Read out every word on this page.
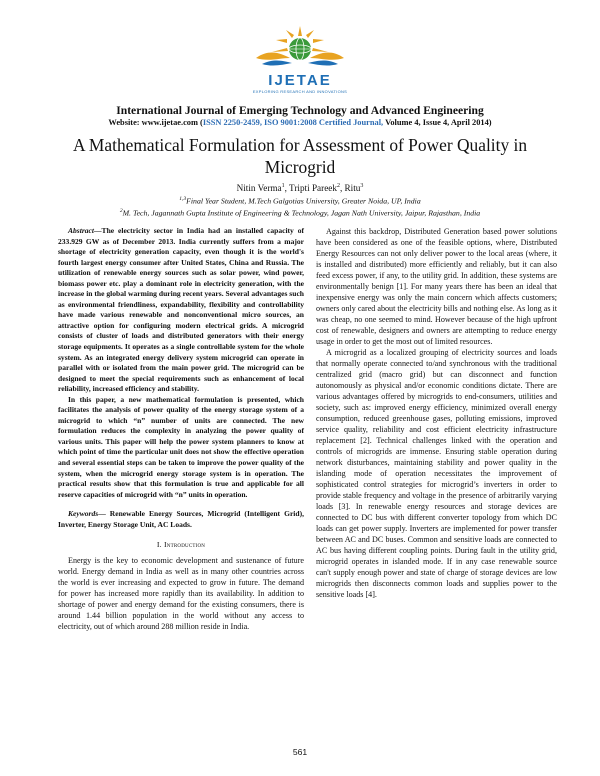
IJETAE
EXPLORING RESEARCH AND INNOVATIONS
International Journal of Emerging Technology and Advanced Engineering
Website: www.ijetae.com (ISSN 2250-2459, ISO 9001:2008 Certified Journal, Volume 4, Issue 4, April 2014)
A Mathematical Formulation for Assessment of Power Quality in Microgrid
Nitin Verma$^1$, Tripti Pareek$^2$, Ritu$^3$
$^{1,3}$Final Year Student, M.Tech Galgotias University, Greater Noida, UP, India
$^2$M. Tech, Jagannath Gupta Institute of Engineering & Technology, Jagan Nath University, Jaipur, Rajasthan, India

Abstract—The electricity sector in India had an installed capacity of 233.929 GW as of December 2013. India currently suffers from a major shortage of electricity generation capacity, even though it is the world's fourth largest energy consumer after United States, China and Russia. The utilization of renewable energy sources such as solar power, wind power, biomass power etc. play a dominant role in electricity generation, with the increase in the global warming during recent years. Several advantages such as environmental friendliness, expandability, flexibility and controllability have made various renewable and nonconventional micro sources, an attractive option for configuring modern electrical grids. A microgrid consists of cluster of loads and distributed generators with their energy storage equipments. It operates as a single controllable system for the whole system. As an integrated energy delivery system microgrid can operate in parallel with or isolated from the main power grid. The microgrid can be designed to meet the special requirements such as enhancement of local reliability, increased efficiency and stability.

In this paper, a new mathematical formulation is presented, which facilitates the analysis of power quality of the energy storage system of a microgrid to which “n” number of units are connected. The new formulation reduces the complexity in analyzing the power quality of various units. This paper will help the power system planners to know at which point of time the particular unit does not show the effective operation and several essential steps can be taken to improve the power quality of the system, when the microgrid energy storage system is in operation. The practical results show that this formulation is true and applicable for all reserve capacities of microgrid with “n” units in operation.

Keywords— Renewable Energy Sources, Microgrid (Intelligent Grid), Inverter, Energy Storage Unit, AC Loads.

I. Introduction

Energy is the key to economic development and sustenance of future world. Energy demand in India as well as in many other countries across the world is ever increasing and expected to grow in future. The demand for power has increased more rapidly than its availability. In addition to shortage of power and energy demand for the existing consumers, there is around 1.44 billion population in the world without any access to electricity, out of which around 288 million reside in India.

Against this backdrop, Distributed Generation based power solutions have been considered as one of the feasible options, where, Distributed Energy Resources can not only deliver power to the local areas (where, it is installed and distributed) more efficiently and reliably, but it can also feed excess power, if any, to the utility grid. In addition, these systems are environmentally benign [1]. For many years there has been an ideal that inexpensive energy was only the main concern which affects customers; owners only cared about the electricity bills and nothing else. As long as it was cheap, no one seemed to mind. However because of the high upfront cost of renewable, designers and owners are attempting to reduce energy usage in order to get the most out of limited resources.

A microgrid as a localized grouping of electricity sources and loads that normally operate connected to/and synchronous with the traditional centralized grid (macro grid) but can disconnect and function autonomously as physical and/or economic conditions dictate. There are various advantages offered by microgrids to end-consumers, utilities and society, such as: improved energy efficiency, minimized overall energy consumption, reduced greenhouse gases, polluting emissions, improved service quality, reliability and cost efficient electricity infrastructure replacement [2]. Technical challenges linked with the operation and controls of microgrids are immense. Ensuring stable operation during network disturbances, maintaining stability and power quality in the islanding mode of operation necessitates the improvement of sophisticated control strategies for microgrid’s inverters in order to provide stable frequency and voltage in the presence of arbitrarily varying loads [3]. In renewable energy resources and storage devices are connected to DC bus with different converter topology from which DC loads can get power supply. Inverters are implemented for power transfer between AC and DC buses. Common and sensitive loads are connected to AC bus having different coupling points. During fault in the utility grid, microgrid operates in islanded mode. If in any case renewable source can't supply enough power and state of charge of storage devices are low microgrids then disconnects common loads and supplies power to the sensitive loads [4].

561
